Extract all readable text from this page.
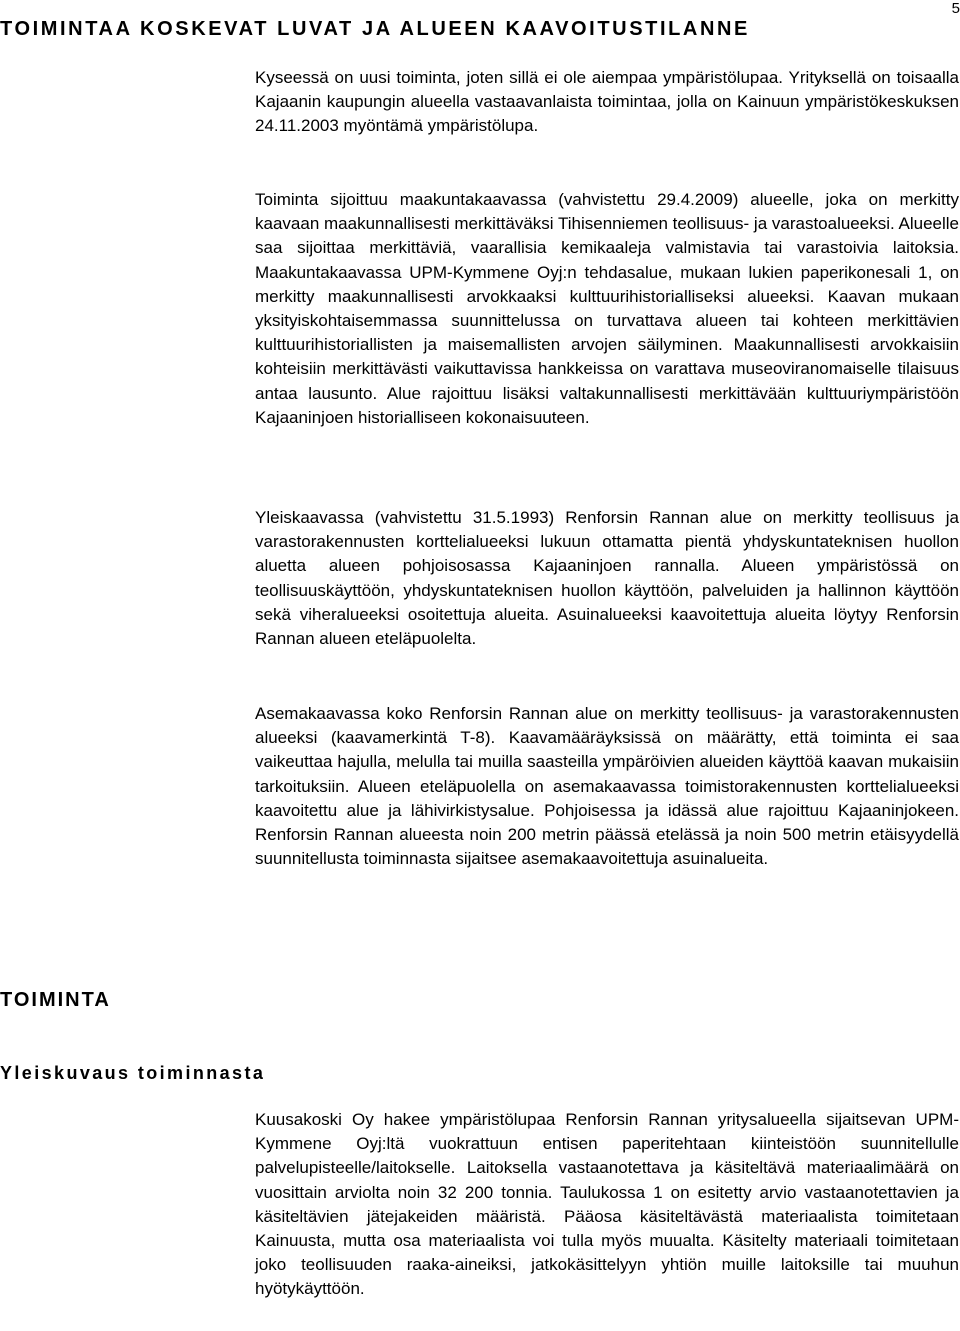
5
TOIMINTAA KOSKEVAT LUVAT JA ALUEEN KAAVOITUSTILANNE

Kyseessä on uusi toiminta, joten sillä ei ole aiempaa ympäristölupaa. Yrityksellä on toisaalla Kajaanin kaupungin alueella vastaavanlaista toimintaa, jolla on Kainuun ympäristökeskuksen 24.11.2003 myöntämä ympäristölupa.

Toiminta sijoittuu maakuntakaavassa (vahvistettu 29.4.2009) alueelle, joka on merkitty kaavaan maakunnallisesti merkittäväksi Tihisenniemen teollisuus- ja varastoalueeksi. Alueelle saa sijoittaa merkittäviä, vaarallisia kemikaaleja valmistavia tai varastoivia laitoksia. Maakuntakaavassa UPM-Kymmene Oyj:n tehdasalue, mukaan lukien paperikonesali 1, on merkitty maakunnallisesti arvokkaaksi kulttuurihistorialliseksi alueeksi. Kaavan mukaan yksityiskohtaisemmassa suunnittelussa on turvattava alueen tai kohteen merkittävien kulttuurihistoriallisten ja maisemallisten arvojen säilyminen. Maakunnallisesti arvokkaisiin kohteisiin merkittävästi vaikuttavissa hankkeissa on varattava museoviranomaiselle tilaisuus antaa lausunto. Alue rajoittuu lisäksi valtakunnallisesti merkittävään kulttuuriympäristöön Kajaaninjoen historialliseen kokonaisuuteen.

Yleiskaavassa (vahvistettu 31.5.1993) Renforsin Rannan alue on merkitty teollisuus ja varastorakennusten korttelialueeksi lukuun ottamatta pientä yhdyskuntateknisen huollon aluetta alueen pohjoisosassa Kajaaninjoen rannalla. Alueen ympäristössä on teollisuuskäyttöön, yhdyskuntateknisen huollon käyttöön, palveluiden ja hallinnon käyttöön sekä viheralueeksi osoitettuja alueita. Asuinalueeksi kaavoitettuja alueita löytyy Renforsin Rannan alueen eteläpuolelta.

Asemakaavassa koko Renforsin Rannan alue on merkitty teollisuus- ja varastorakennusten alueeksi (kaavamerkintä T-8). Kaavamääräyksissä on määrätty, että toiminta ei saa vaikeuttaa hajulla, melulla tai muilla saasteilla ympäröivien alueiden käyttöä kaavan mukaisiin tarkoituksiin. Alueen eteläpuolella on asemakaavassa toimistorakennusten korttelialueeksi kaavoitettu alue ja lähivirkistysalue. Pohjoisessa ja idässä alue rajoittuu Kajaaninjokeen. Renforsin Rannan alueesta noin 200 metrin päässä etelässä ja noin 500 metrin etäisyydellä suunnitellusta toiminnasta sijaitsee asemakaavoitettuja asuinalueita.

TOIMINTA
Yleiskuvaus toiminnasta

Kuusakoski Oy hakee ympäristölupaa Renforsin Rannan yritysalueella sijaitsevan UPM-Kymmene Oyj:ltä vuokrattuun entisen paperitehtaan kiinteistöön suunnitellulle palvelupisteelle/laitokselle. Laitoksella vastaanotettava ja käsiteltävä materiaalimäärä on vuosittain arviolta noin 32 200 tonnia. Taulukossa 1 on esitetty arvio vastaanotettavien ja käsiteltävien jätejakeiden määristä. Pääosa käsiteltävästä materiaalista toimitetaan Kainuusta, mutta osa materiaalista voi tulla myös muualta. Käsitelty materiaali toimitetaan joko teollisuuden raaka-aineiksi, jatkokäsittelyyn yhtiön muille laitoksille tai muuhun hyötykäyttöön.
